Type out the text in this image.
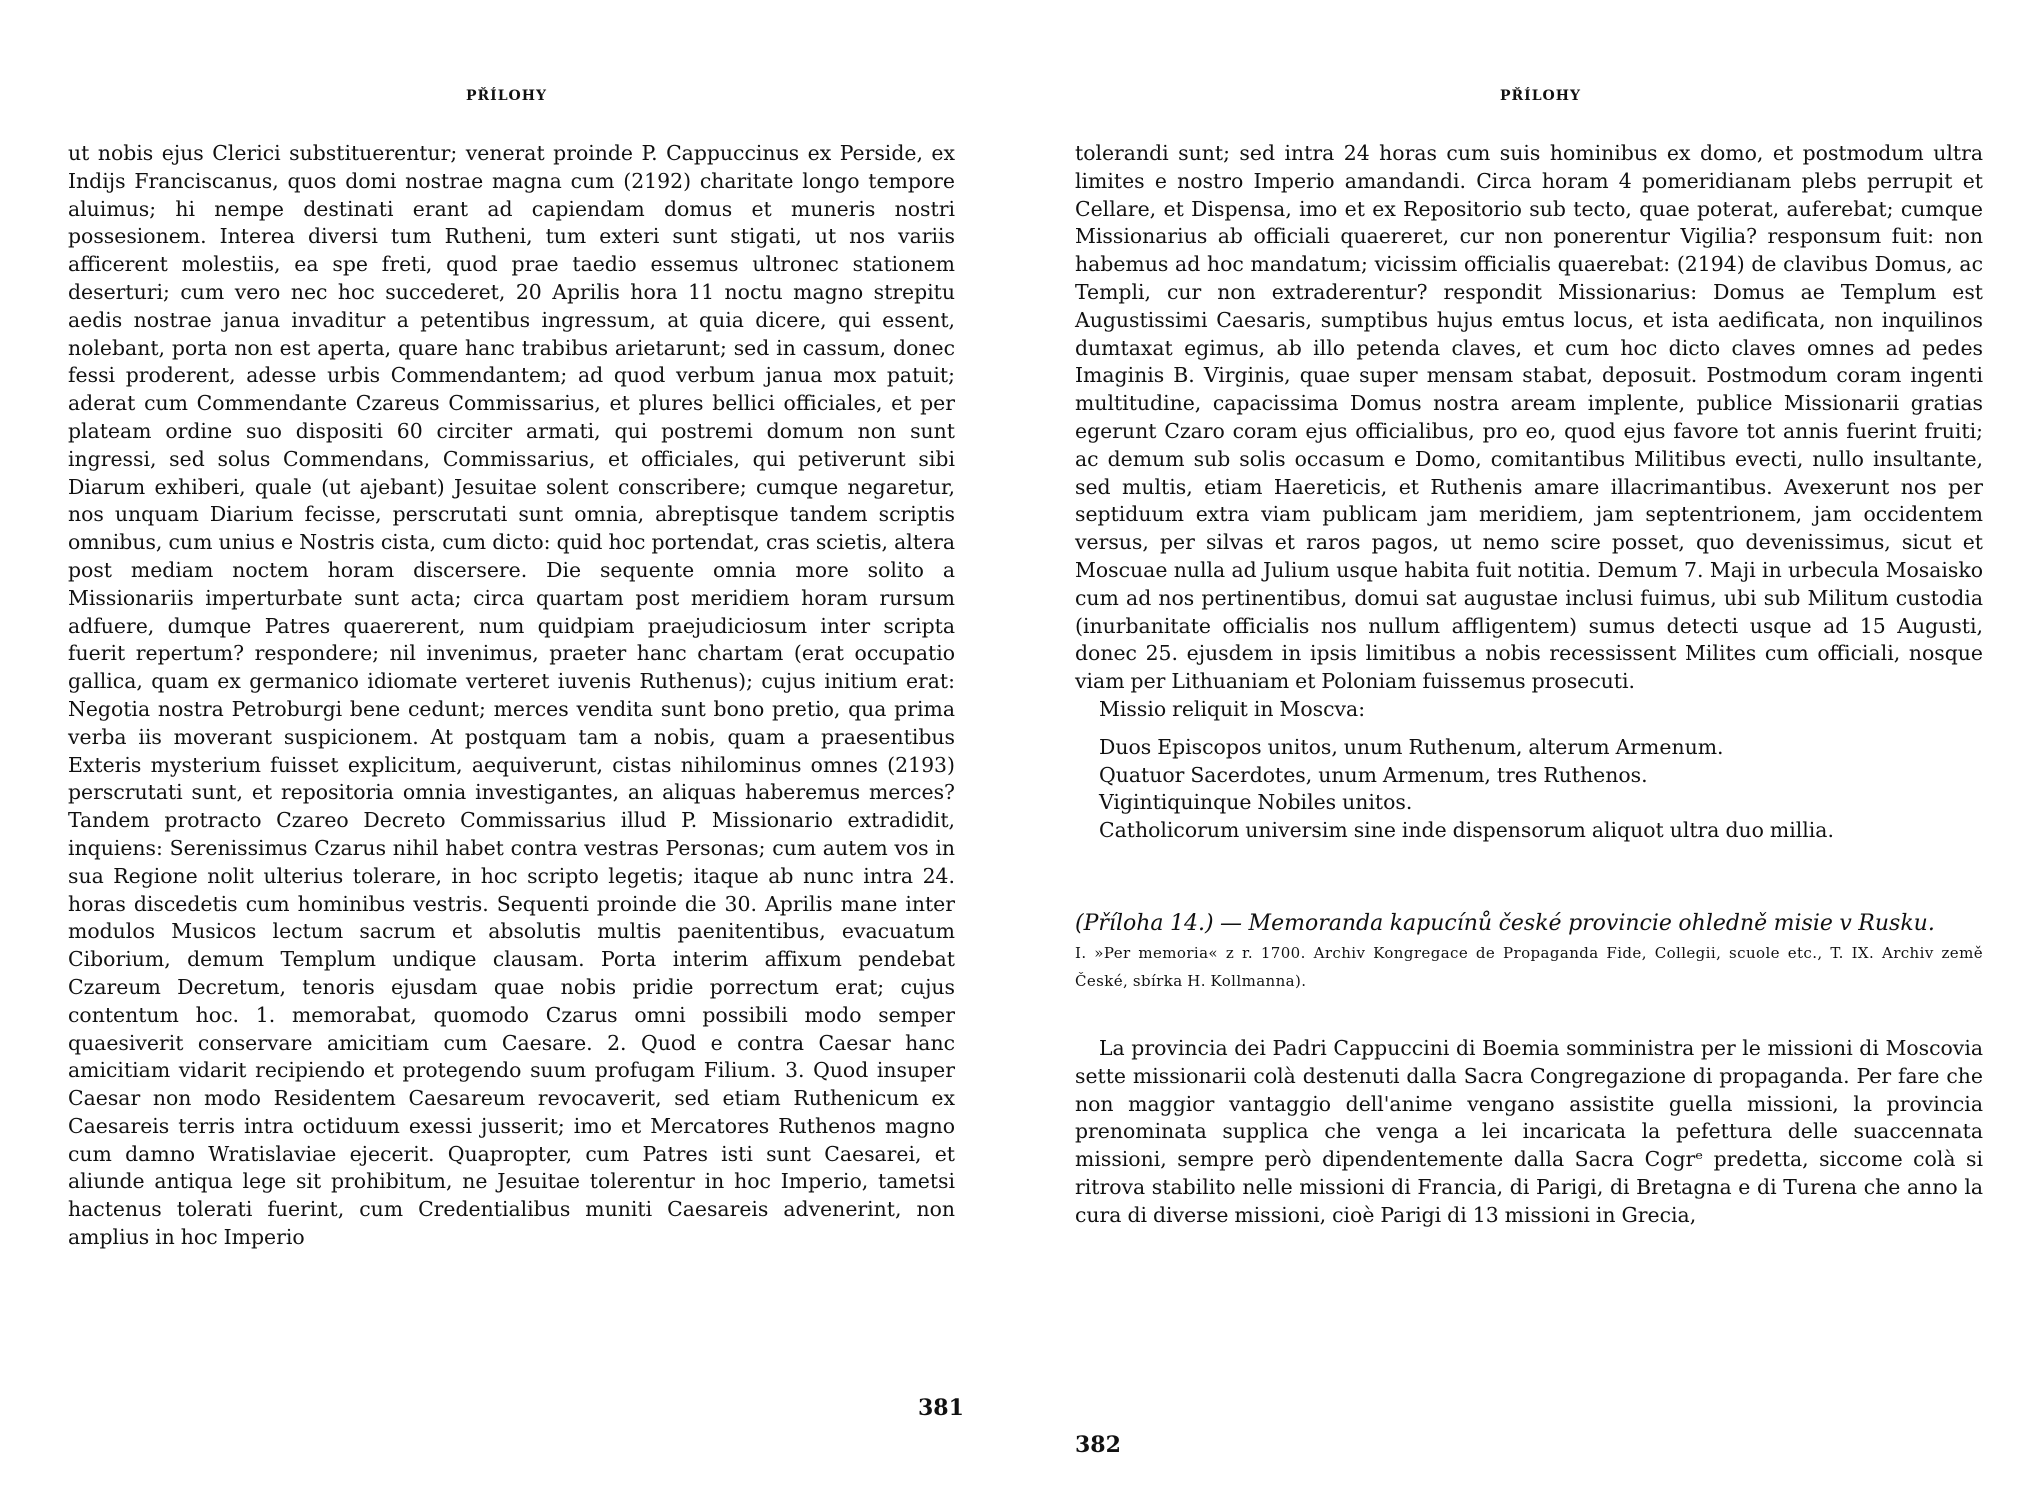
PŘÍLOHY

ut nobis ejus Clerici substituerentur; venerat proinde P. Cappuccinus ex Perside, ex Indijs Franciscanus, quos domi nostrae magna cum (2192) charitate longo tempore aluimus; hi nempe destinati erant ad capiendam domus et muneris nostri possesionem. Interea diversi tum Rutheni, tum exteri sunt stigati, ut nos variis afficerent molestiis, ea spe freti, quod prae taedio essemus ultronec stationem deserturi; cum vero nec hoc succederet, 20 Aprilis hora 11 noctu magno strepitu aedis nostrae janua invaditur a petentibus ingressum, at quia dicere, qui essent, nolebant, porta non est aperta, quare hanc trabibus arietarunt; sed in cassum, donec fessi proderent, adesse urbis Commendantem; ad quod verbum janua mox patuit; aderat cum Commendante Czareus Commissarius, et plures bellici officiales, et per plateam ordine suo dispositi 60 circiter armati, qui postremi domum non sunt ingressi, sed solus Commendans, Commissarius, et officiales, qui petiverunt sibi Diarum exhiberi, quale (ut ajebant) Jesuitae solent conscribere; cumque negaretur, nos unquam Diarium fecisse, perscrutati sunt omnia, abreptisque tandem scriptis omnibus, cum unius e Nostris cista, cum dicto: quid hoc portendat, cras scietis, altera post mediam noctem horam discersere. Die sequente omnia more solito a Missionariis imperturbate sunt acta; circa quartam post meridiem horam rursum adfuere, dumque Patres quaererent, num quidpiam praejudiciosum inter scripta fuerit repertum? respondere; nil invenimus, praeter hanc chartam (erat occupatio gallica, quam ex germanico idiomate verteret iuvenis Ruthenus); cujus initium erat: Negotia nostra Petroburgi bene cedunt; merces vendita sunt bono pretio, qua prima verba iis moverant suspicionem. At postquam tam a nobis, quam a praesentibus Exteris mysterium fuisset explicitum, aequiverunt, cistas nihilominus omnes (2193) perscrutati sunt, et repositoria omnia investigantes, an aliquas haberemus merces? Tandem protracto Czareo Decreto Commissarius illud P. Missionario extradidit, inquiens: Serenissimus Czarus nihil habet contra vestras Personas; cum autem vos in sua Regione nolit ulterius tolerare, in hoc scripto legetis; itaque ab nunc intra 24. horas discedetis cum hominibus vestris. Sequenti proinde die 30. Aprilis mane inter modulos Musicos lectum sacrum et absolutis multis paenitentibus, evacuatum Ciborium, demum Templum undique clausam. Porta interim affixum pendebat Czareum Decretum, tenoris ejusdam quae nobis pridie porrectum erat; cujus contentum hoc. 1. memorabat, quomodo Czarus omni possibili modo semper quaesiverit conservare amicitiam cum Caesare. 2. Quod e contra Caesar hanc amicitiam vidarit recipiendo et protegendo suum profugam Filium. 3. Quod insuper Caesar non modo Residentem Caesareum revocaverit, sed etiam Ruthenicum ex Caesareis terris intra octiduum exessi jusserit; imo et Mercatores Ruthenos magno cum damno Wratislaviae ejecerit. Quapropter, cum Patres isti sunt Caesarei, et aliunde antiqua lege sit prohibitum, ne Jesuitae tolerentur in hoc Imperio, tametsi hactenus tolerati fuerint, cum Credentialibus muniti Caesareis advenerint, non amplius in hoc Imperio

381
PŘÍLOHY

tolerandi sunt; sed intra 24 horas cum suis hominibus ex domo, et postmodum ultra limites e nostro Imperio amandandi. Circa horam 4 pomeridianam plebs perrupit et Cellare, et Dispensa, imo et ex Repositorio sub tecto, quae poterat, auferebat; cumque Missionarius ab officiali quaereret, cur non ponerentur Vigilia? responsum fuit: non habemus ad hoc mandatum; vicissim officialis quaerebat: (2194) de clavibus Domus, ac Templi, cur non extraderentur? respondit Missionarius: Domus ae Templum est Augustissimi Caesaris, sumptibus hujus emtus locus, et ista aedificata, non inquilinos dumtaxat egimus, ab illo petenda claves, et cum hoc dicto claves omnes ad pedes Imaginis B. Virginis, quae super mensam stabat, deposuit. Postmodum coram ingenti multitudine, capacissima Domus nostra aream implente, publice Missionarii gratias egerunt Czaro coram ejus officialibus, pro eo, quod ejus favore tot annis fuerint fruiti; ac demum sub solis occasum e Domo, comitantibus Militibus evecti, nullo insultante, sed multis, etiam Haereticis, et Ruthenis amare illacrimantibus. Avexerunt nos per septiduum extra viam publicam jam meridiem, jam septentrionem, jam occidentem versus, per silvas et raros pagos, ut nemo scire posset, quo devenissimus, sicut et Moscuae nulla ad Julium usque habita fuit notitia. Demum 7. Maji in urbecula Mosaisko cum ad nos pertinentibus, domui sat augustae inclusi fuimus, ubi sub Militum custodia (inurbanitate officialis nos nullum affligentem) sumus detecti usque ad 15 Augusti, donec 25. ejusdem in ipsis limitibus a nobis recessissent Milites cum officiali, nosque viam per Lithuaniam et Poloniam fuissemus prosecuti.

Missio reliquit in Moscva:

Duos Episcopos unitos, unum Ruthenum, alterum Armenum.
Quatuor Sacerdotes, unum Armenum, tres Ruthenos.
Vigintiquinque Nobiles unitos.
Catholicorum universim sine inde dispensorum aliquot ultra duo millia.

(Příloha 14.) — Memoranda kapucínů české provincie ohledně misie v Rusku.

I. »Per memoria« z r. 1700. Archiv Kongregace de Propaganda Fide, Collegii, scuole etc., T. IX. Archiv země České, sbírka H. Kollmanna).

La provincia dei Padri Cappuccini di Boemia somministra per le missioni di Moscovia sette missionarii colà destenuti dalla Sacra Congregazione di propaganda. Per fare che non maggior vantaggio dell'anime vengano assistite guella missioni, la provincia prenominata supplica che venga a lei incaricata la pefettura delle suaccennata missioni, sempre però dipendentemente dalla Sacra Cogrᵉ predetta, siccome colà si ritrova stabilito nelle missioni di Francia, di Parigi, di Bretagna e di Turena che anno la cura di diverse missioni, cioè Parigi di 13 missioni in Grecia,

382
